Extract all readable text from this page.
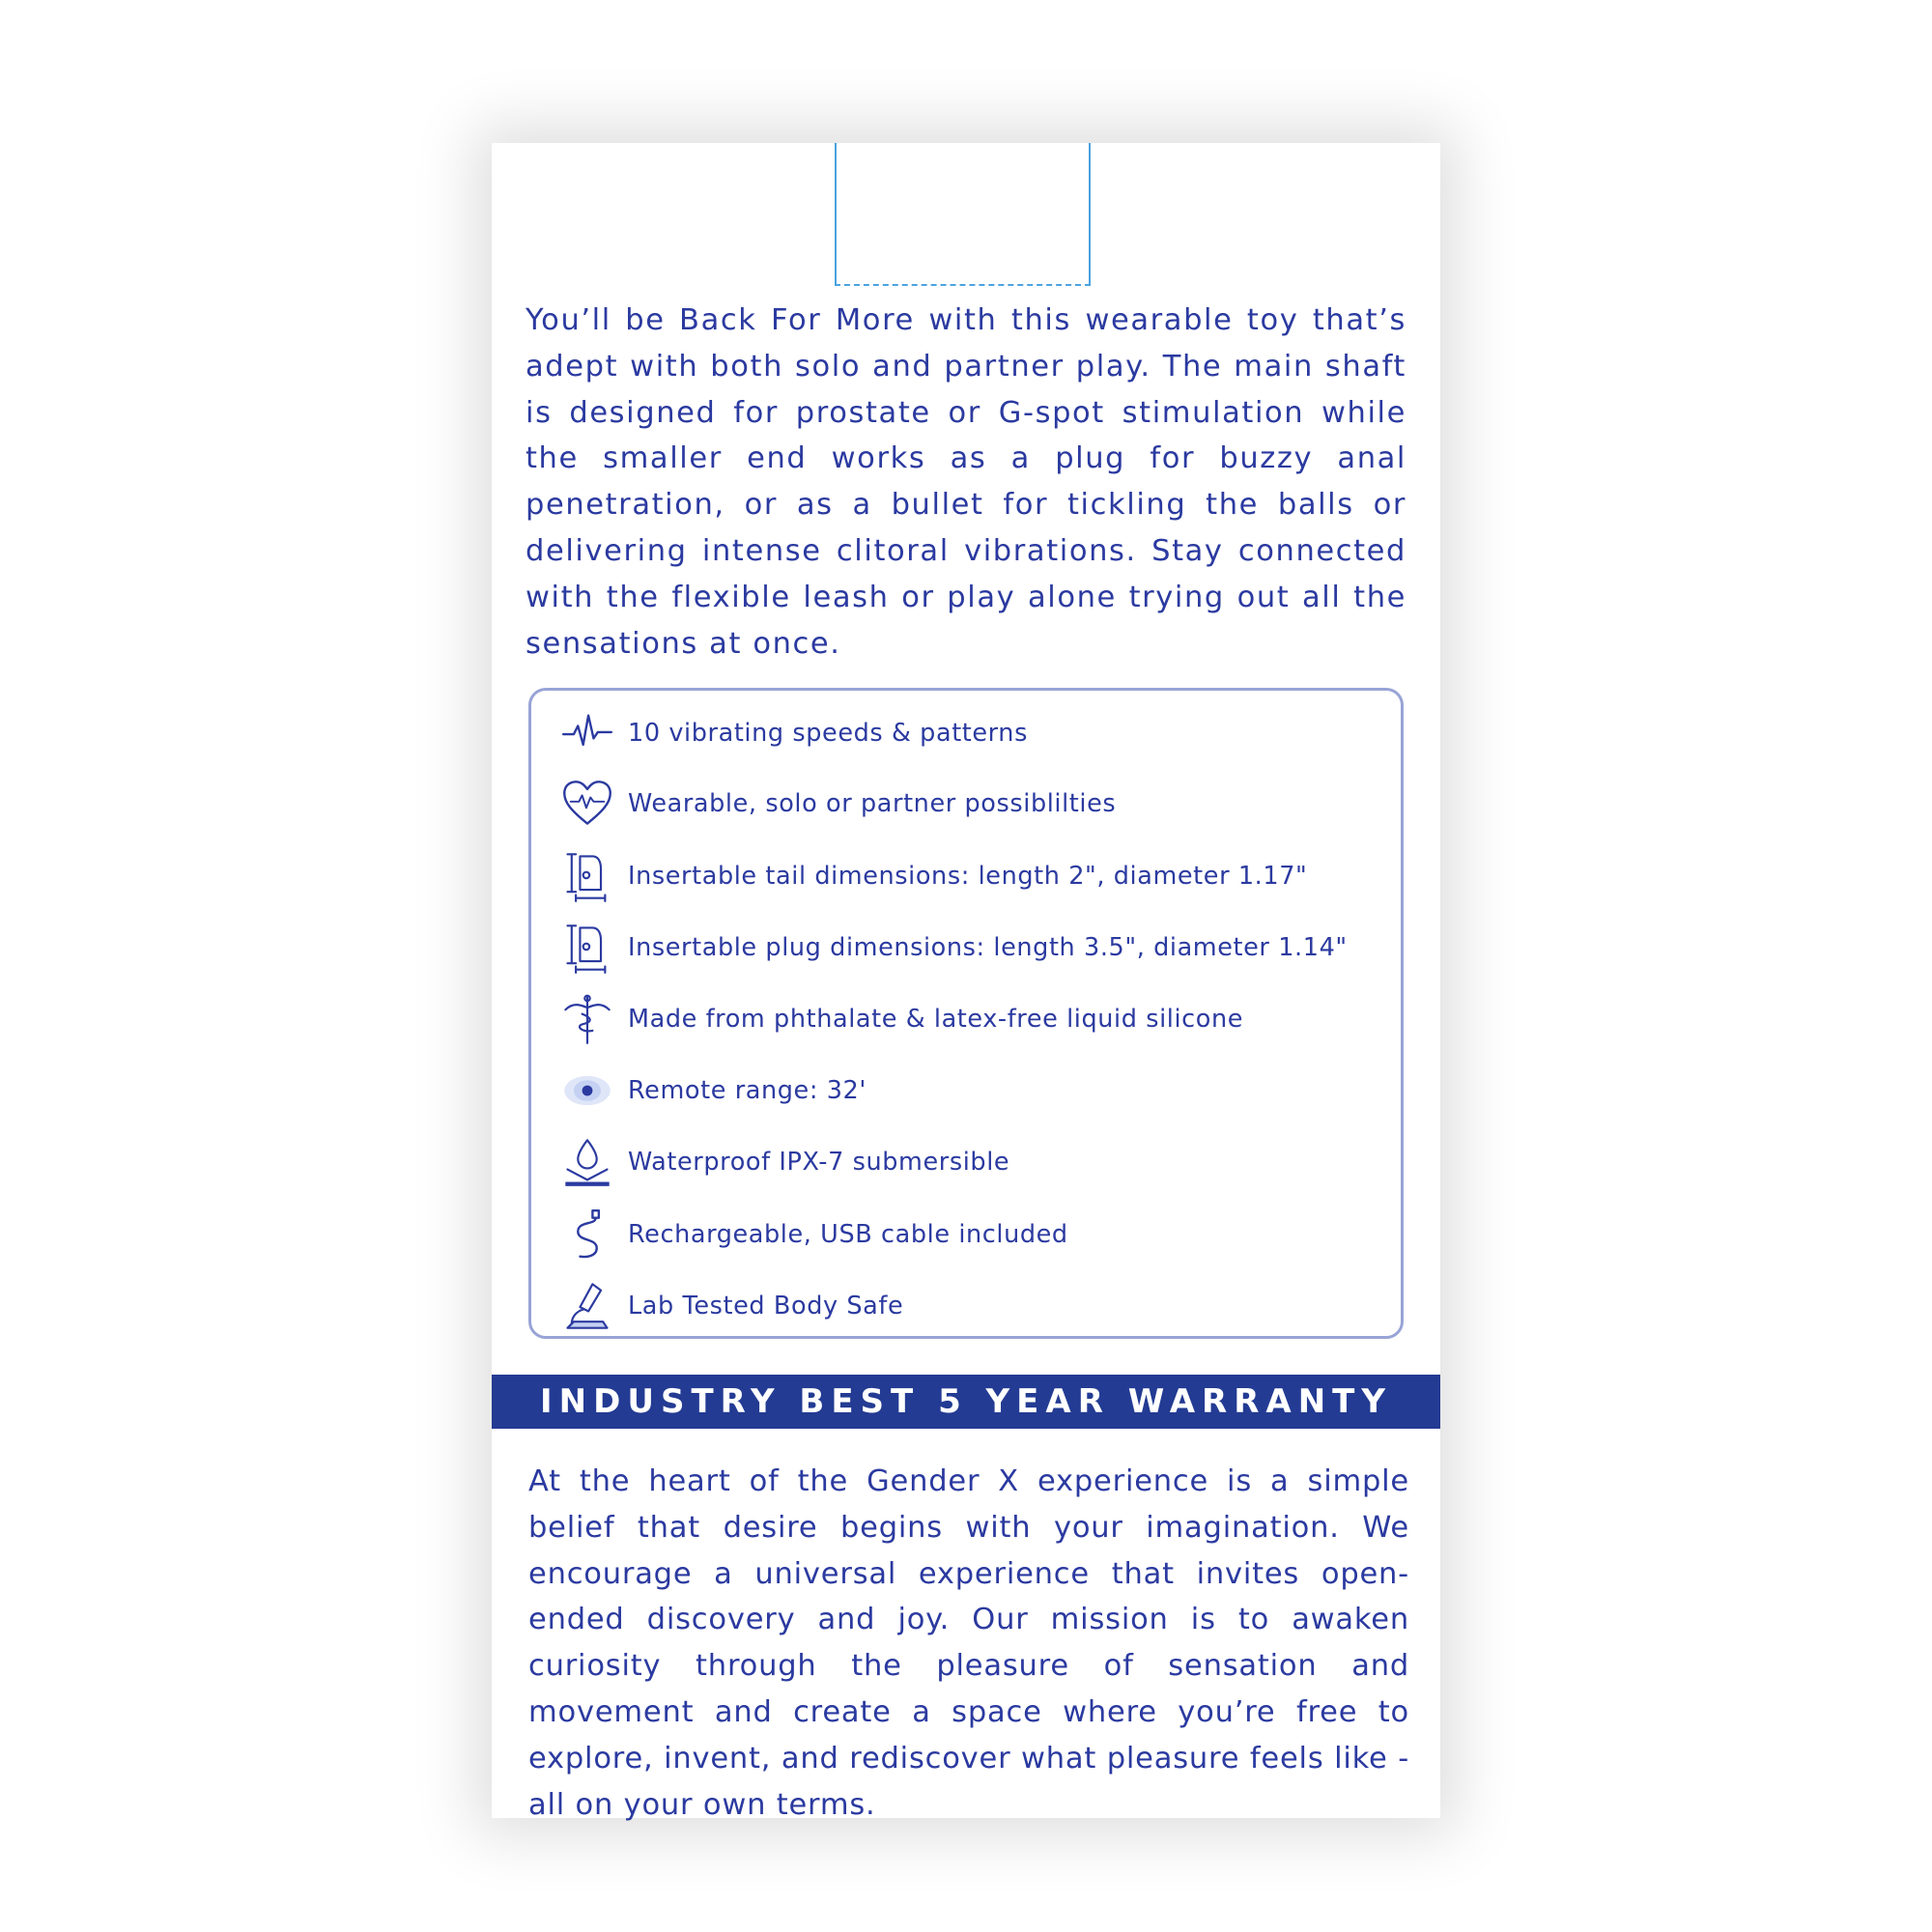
You’ll be Back For More with this wearable toy that’s adept with both solo and partner play. The main shaft is designed for prostate or G-spot stimulation while the smaller end works as a plug for buzzy anal penetration, or as a bullet for tickling the balls or delivering intense clitoral vibrations. Stay connected with the flexible leash or play alone trying out all the sensations at once.

10 vibrating speeds & patterns
Wearable, solo or partner possiblilties
Insertable tail dimensions: length 2", diameter 1.17"
Insertable plug dimensions: length 3.5", diameter 1.14"
Made from phthalate & latex-free liquid silicone
Remote range: 32'
Waterproof IPX-7 submersible
Rechargeable, USB cable included
Lab Tested Body Safe
INDUSTRY BEST 5 YEAR WARRANTY

At the heart of the Gender X experience is a simple belief that desire begins with your imagination. We encourage a universal experience that invites open-ended discovery and joy. Our mission is to awaken curiosity through the pleasure of sensation and movement and create a space where you’re free to explore, invent, and rediscover what pleasure feels like - all on your own terms.
